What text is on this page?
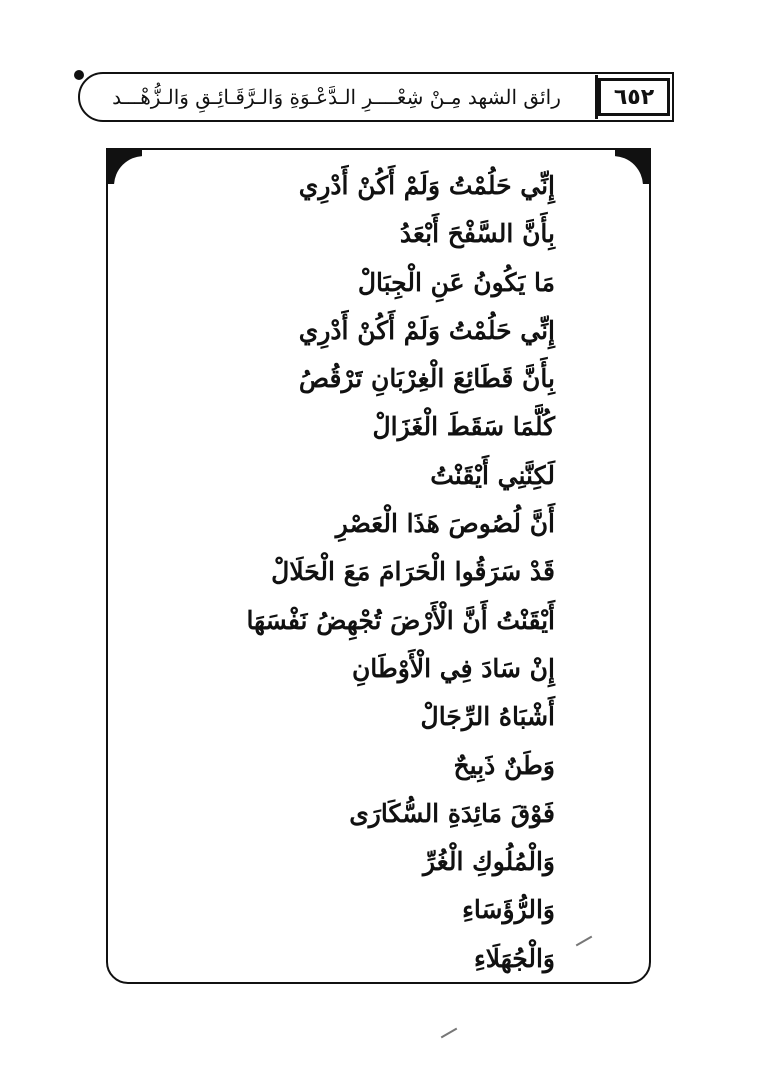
٦٥٢
رائق الشهد مِـنْ شِعْــــرِ الـدَّعْـوَةِ وَالـرَّقَـائِـقِ وَالـزُّهْـــد
إِنِّي حَلُمْتُ وَلَمْ أَكُنْ أَدْرِي
بِأَنَّ السَّفْحَ أَبْعَدُ
مَا يَكُونُ عَنِ الْجِبَالْ
إِنِّي حَلُمْتُ وَلَمْ أَكُنْ أَدْرِي
بِأَنَّ قَطَائِعَ الْغِرْبَانِ تَرْقُصُ
كُلَّمَا سَقَطَ الْغَزَالْ
لَكِنَّنِي أَيْقَنْتُ
أَنَّ لُصُوصَ هَذَا الْعَصْرِ
قَدْ سَرَقُوا الْحَرَامَ مَعَ الْحَلَالْ
أَيْقَنْتُ أَنَّ الْأَرْضَ تُجْهِضُ نَفْسَهَا
إِنْ سَادَ فِي الْأَوْطَانِ
أَشْبَاهُ الرِّجَالْ
وَطَنٌ ذَبِيحٌ
فَوْقَ مَائِدَةِ السُّكَارَى
وَالْمُلُوكِ الْغُرِّ
وَالرُّؤَسَاءِ
وَالْجُهَلَاءِ
